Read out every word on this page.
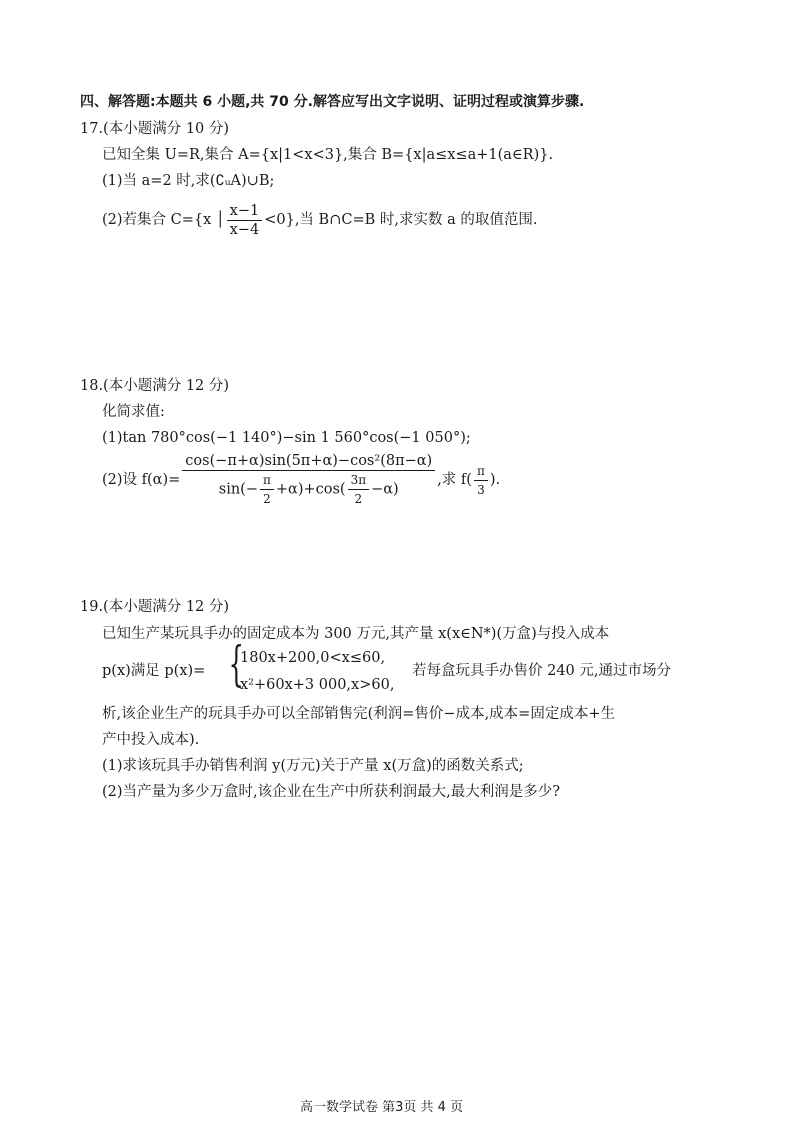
四、解答题:本题共 6 小题,共 70 分.解答应写出文字说明、证明过程或演算步骤.
17.(本小题满分 10 分)
已知全集 U=R,集合 A={x|1<x<3},集合 B={x|a≤x≤a+1(a∈R)}.
(1)当 a=2 时,求(∁ᵤA)∪B;
(2)若集合 C={x │ $\frac{x-1}{x-4} <0$},当 B∩C=B 时,求实数 a 的取值范围.
18.(本小题满分 12 分)
化简求值:
(1)tan 780°cos(−1 140°)−sin 1 560°cos(−1 050°);
(2)设 $f(\alpha)= \frac{\text{cos(−π+α)sin(5π+α)−cos²(8π−α)}}{\sin(- \frac{\pi}{2} +\alpha)+\cos( \frac{3\pi}{2} -\alpha)}$ ,求 $f( \frac{\pi}{3}$ ).
19.(本小题满分 12 分)
已知生产某玩具手办的固定成本为 300 万元,其产量 x(x∈N*)(万盒)与投入成本
p(x)满足 p(x)= {
180x+200,0<x≤60,
x²+60x+3 000,x>60,
若每盒玩具手办售价 240 元,通过市场分
析,该企业生产的玩具手办可以全部销售完(利润=售价−成本,成本=固定成本+生
产中投入成本).
(1)求该玩具手办销售利润 y(万元)关于产量 x(万盒)的函数关系式;
(2)当产量为多少万盒时,该企业在生产中所获利润最大,最大利润是多少?
高一数学试卷 第3页 共 4 页
